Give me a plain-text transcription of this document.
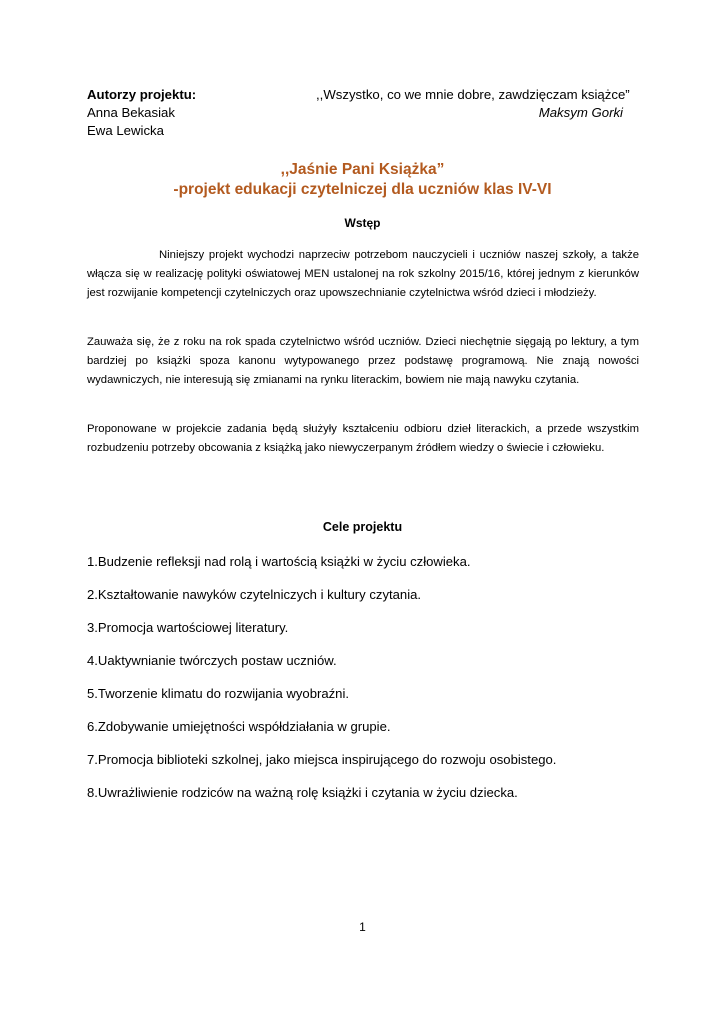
Autorzy projektu:
Anna Bekasiak
Ewa Lewicka
,,Wszystko, co we mnie dobre, zawdzięczam książce”
Maksym Gorki
,,Jaśnie Pani Książka”
-projekt edukacji czytelniczej dla uczniów klas IV-VI
Wstęp
Niniejszy projekt wychodzi naprzeciw potrzebom nauczycieli i uczniów naszej szkoły, a także włącza się w realizację polityki oświatowej MEN ustalonej na rok szkolny 2015/16, której jednym z kierunków jest rozwijanie kompetencji czytelniczych oraz upowszechnianie czytelnictwa wśród dzieci i młodzieży.
Zauważa się, że z roku na rok spada czytelnictwo wśród uczniów. Dzieci niechętnie sięgają po lektury, a tym bardziej po książki spoza kanonu wytypowanego przez podstawę programową. Nie znają nowości wydawniczych, nie interesują się zmianami na rynku literackim, bowiem nie mają nawyku czytania.
Proponowane w projekcie zadania będą służyły kształceniu odbioru dzieł literackich, a przede wszystkim rozbudzeniu potrzeby obcowania z książką jako niewyczerpanym źródłem wiedzy o świecie i człowieku.
Cele projektu
1.Budzenie refleksji nad rolą i wartością książki w życiu człowieka.
2.Kształtowanie nawyków czytelniczych i kultury czytania.
3.Promocja wartościowej literatury.
4.Uaktywnianie twórczych postaw uczniów.
5.Tworzenie klimatu do rozwijania wyobraźni.
6.Zdobywanie umiejętności współdziałania w grupie.
7.Promocja biblioteki szkolnej, jako miejsca inspirującego do rozwoju osobistego.
8.Uwrażliwienie rodziców na ważną rolę książki i czytania w życiu dziecka.
1
